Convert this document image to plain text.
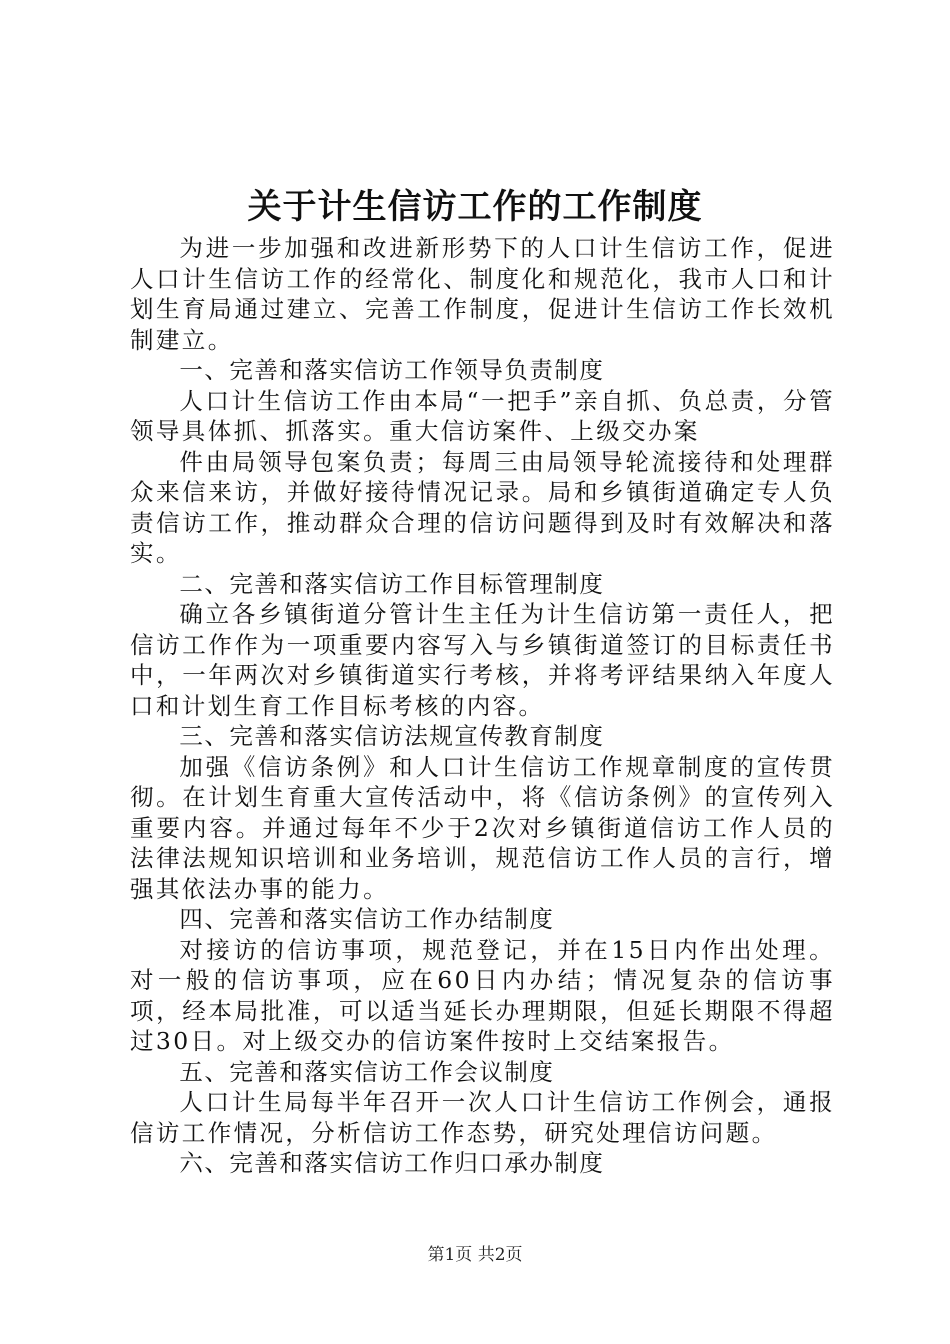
关于计生信访工作的工作制度

为进一步加强和改进新形势下的人口计生信访工作，促进人口计生信访工作的经常化、制度化和规范化，我市人口和计划生育局通过建立、完善工作制度，促进计生信访工作长效机制建立。

一、完善和落实信访工作领导负责制度

人口计生信访工作由本局“一把手”亲自抓、负总责，分管领导具体抓、抓落实。重大信访案件、上级交办案

件由局领导包案负责；每周三由局领导轮流接待和处理群众来信来访，并做好接待情况记录。局和乡镇街道确定专人负责信访工作，推动群众合理的信访问题得到及时有效解决和落实。

二、完善和落实信访工作目标管理制度

确立各乡镇街道分管计生主任为计生信访第一责任人，把信访工作作为一项重要内容写入与乡镇街道签订的目标责任书中，一年两次对乡镇街道实行考核，并将考评结果纳入年度人口和计划生育工作目标考核的内容。

三、完善和落实信访法规宣传教育制度

加强《信访条例》和人口计生信访工作规章制度的宣传贯彻。在计划生育重大宣传活动中，将《信访条例》的宣传列入重要内容。并通过每年不少于2次对乡镇街道信访工作人员的法律法规知识培训和业务培训，规范信访工作人员的言行，增强其依法办事的能力。

四、完善和落实信访工作办结制度

对接访的信访事项，规范登记，并在15日内作出处理。对一般的信访事项，应在60日内办结；情况复杂的信访事项，经本局批准，可以适当延长办理期限，但延长期限不得超过30日。对上级交办的信访案件按时上交结案报告。

五、完善和落实信访工作会议制度

人口计生局每半年召开一次人口计生信访工作例会，通报信访工作情况，分析信访工作态势，研究处理信访问题。

六、完善和落实信访工作归口承办制度

第1页 共2页
